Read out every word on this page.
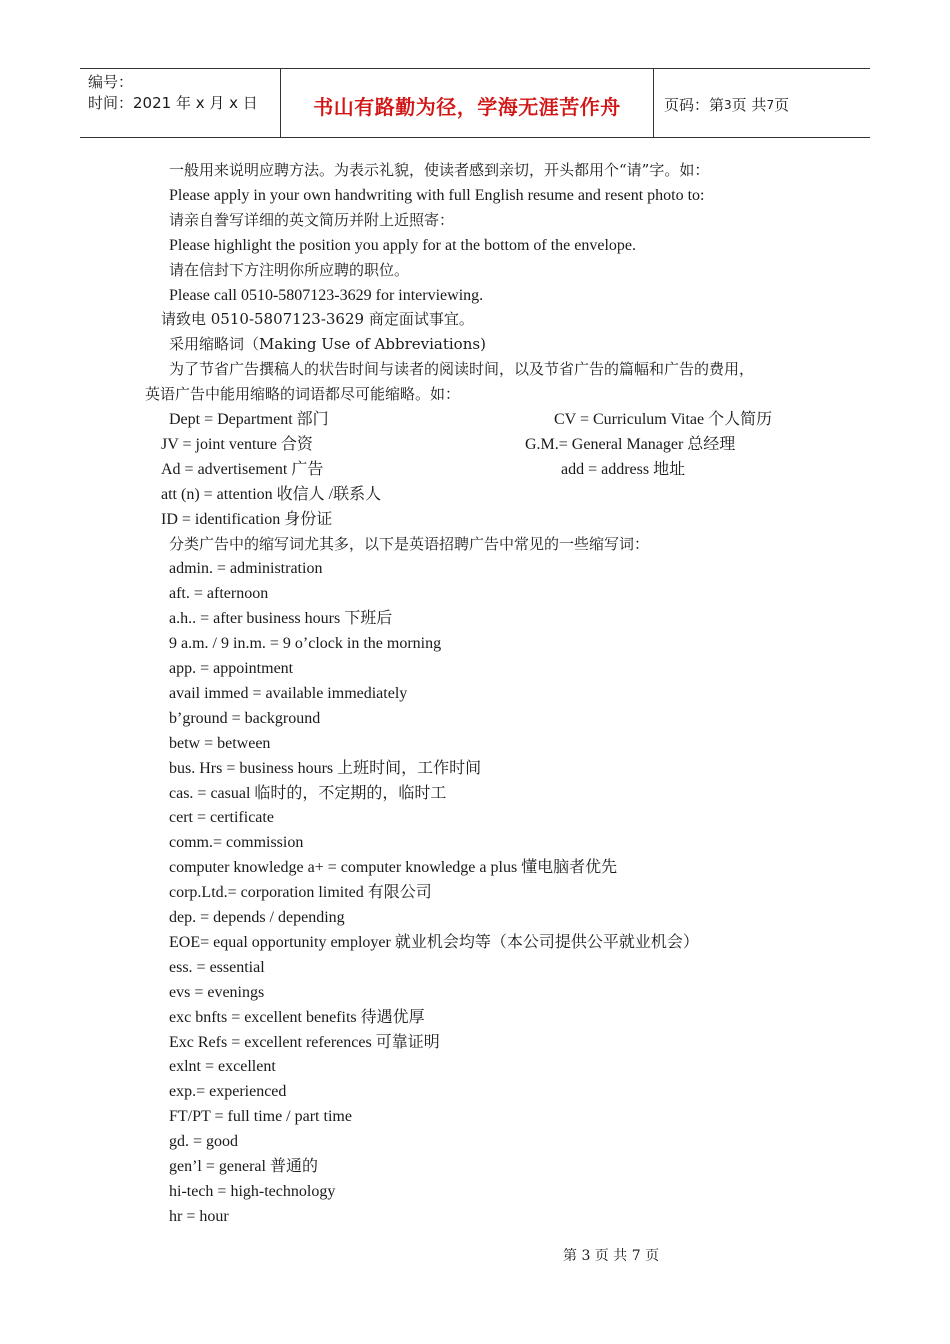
编号：
时间：2021 年 x 月 x 日	书山有路勤为径，学海无涯苦作舟	页码：第 3 页 共 7 页
一般用来说明应聘方法。为表示礼貌，使读者感到亲切，开头都用个“请”字。如：
Please apply in your own handwriting with full English resume and resent photo to:
请亲自誊写详细的英文简历并附上近照寄：
Please highlight the position you apply for at the bottom of the envelope.
请在信封下方注明你所应聘的职位。
Please call 0510-5807123-3629 for interviewing.
请致电 0510-5807123-3629 商定面试事宜。
采用缩略词（Making Use of Abbreviations)
为了节省广告撰稿人的状告时间与读者的阅读时间，以及节省广告的篇幅和广告的费用，
英语广告中能用缩略的词语都尽可能缩略。如：
Dept = Department 部门	CV = Curriculum Vitae 个人简历
JV = joint venture 合资	G.M.= General Manager 总经理
Ad = advertisement 广告	add = address 地址
att (n) = attention 收信人 /联系人
ID = identification 身份证
分类广告中的缩写词尤其多，以下是英语招聘广告中常见的一些缩写词：
admin. = administration
aft. = afternoon
a.h.. = after business hours 下班后
9 a.m. / 9 in.m. = 9 o’clock in the morning
app. = appointment
avail immed = available immediately
b’ground = background
betw = between
bus. Hrs = business hours 上班时间，工作时间
cas. = casual 临时的，不定期的，临时工
cert = certificate
comm.= commission
computer knowledge a+ = computer knowledge a plus 懂电脑者优先
corp.Ltd.= corporation limited 有限公司
dep. = depends / depending
EOE= equal opportunity employer 就业机会均等（本公司提供公平就业机会）
ess. = essential
evs = evenings
exc bnfts = excellent benefits 待遇优厚
Exc Refs = excellent references 可靠证明
exlnt = excellent
exp.= experienced
FT/PT = full time / part time
gd. = good
gen’l = general 普通的
hi-tech = high-technology
hr = hour
第 3 页 共 7 页
